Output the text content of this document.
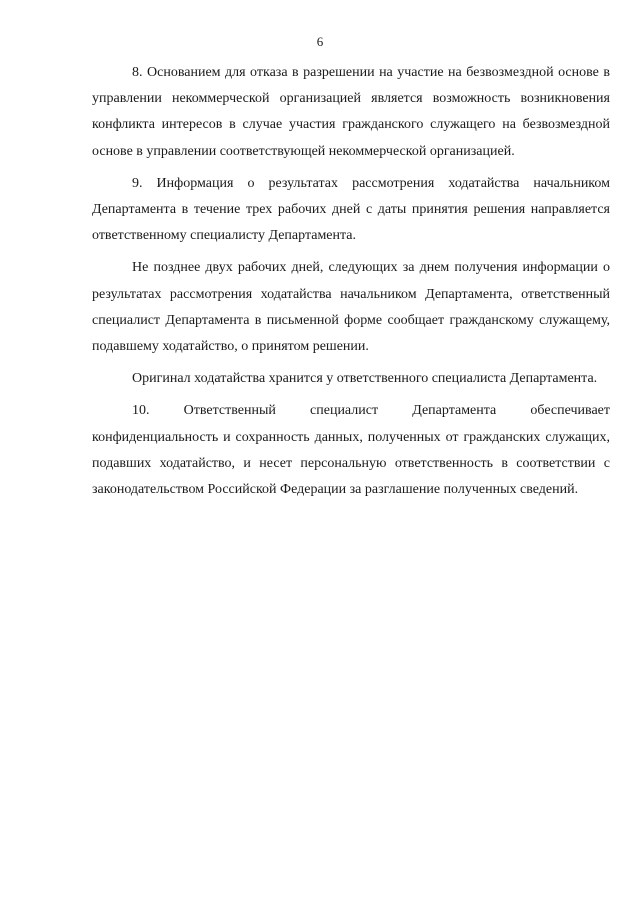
6

8. Основанием для отказа в разрешении на участие на безвозмездной основе в управлении некоммерческой организацией является возможность возникновения конфликта интересов в случае участия гражданского служащего на безвозмездной основе в управлении соответствующей некоммерческой организацией.

9. Информация о результатах рассмотрения ходатайства начальником Департамента в течение трех рабочих дней с даты принятия решения направляется ответственному специалисту Департамента.

Не позднее двух рабочих дней, следующих за днем получения информации о результатах рассмотрения ходатайства начальником Департамента, ответственный специалист Департамента в письменной форме сообщает гражданскому служащему, подавшему ходатайство, о принятом решении.

Оригинал ходатайства хранится у ответственного специалиста Департамента.

10. Ответственный специалист Департамента обеспечивает конфиденциальность и сохранность данных, полученных от гражданских служащих, подавших ходатайство, и несет персональную ответственность в соответствии с законодательством Российской Федерации за разглашение полученных сведений.
